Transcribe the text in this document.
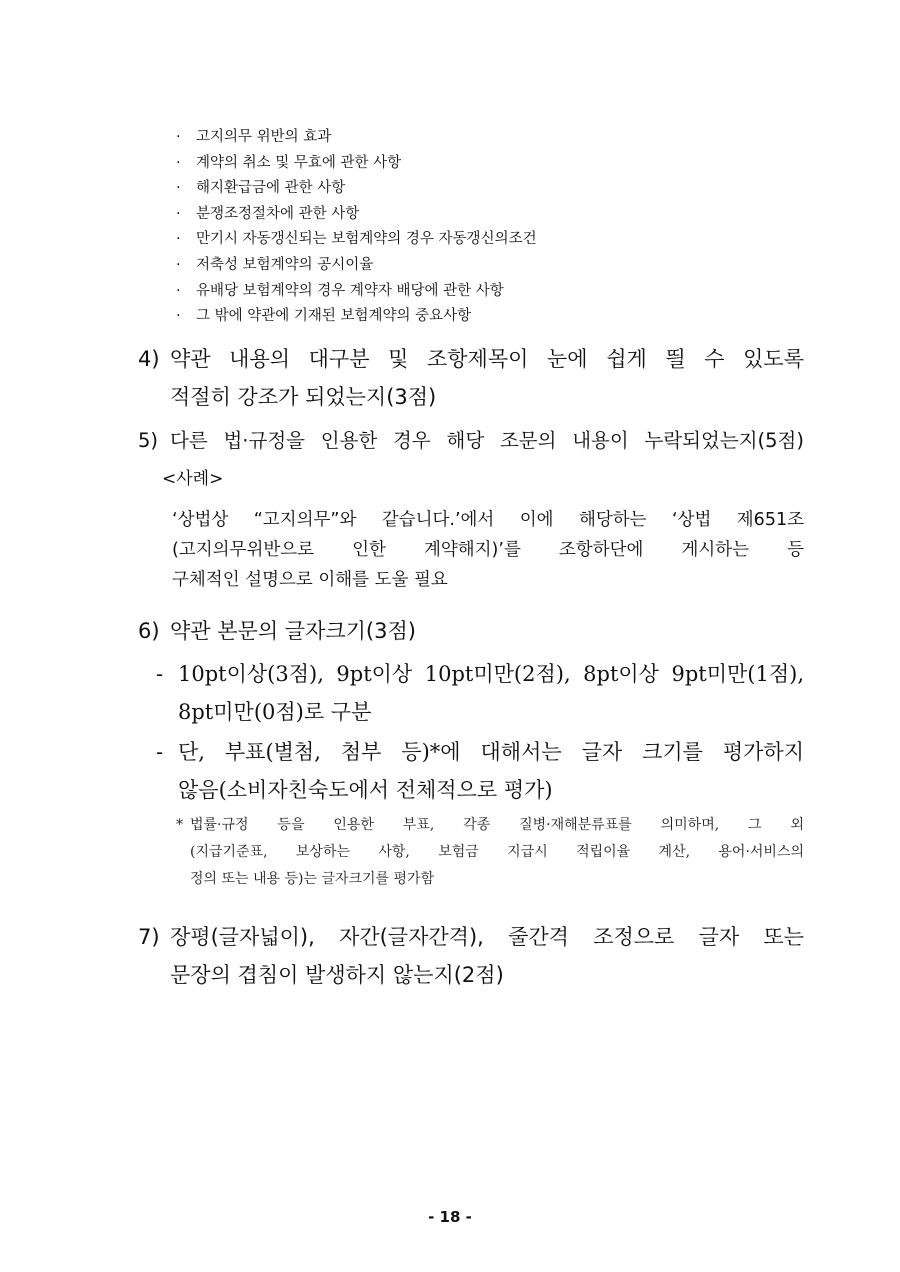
·	고지의무 위반의 효과
·	계약의 취소 및 무효에 관한 사항
·	해지환급금에 관한 사항
·	분쟁조정절차에 관한 사항
·	만기시 자동갱신되는 보험계약의 경우 자동갱신의조건
·	저축성 보험계약의 공시이율
·	유배당 보험계약의 경우 계약자 배당에 관한 사항
·	그 밖에 약관에 기재된 보험계약의 중요사항
4) 약관 내용의 대구분 및 조항제목이 눈에 쉽게 띌 수 있도록
적절히 강조가 되었는지(3점)
5) 다른 법·규정을 인용한 경우 해당 조문의 내용이 누락되었는지(5점)
<사례>
‘상법상 “고지의무”와 같습니다.’에서 이에 해당하는 ‘상법 제651조
(고지의무위반으로 인한 계약해지)’를 조항하단에 게시하는 등
구체적인 설명으로 이해를 도울 필요
6) 약관 본문의 글자크기(3점)
- 10pt이상(3점), 9pt이상 10pt미만(2점), 8pt이상 9pt미만(1점),
8pt미만(0점)로 구분
- 단, 부표(별첨, 첨부 등)*에 대해서는 글자 크기를 평가하지
않음(소비자친숙도에서 전체적으로 평가)
* 법률·규정 등을 인용한 부표, 각종 질병·재해분류표를 의미하며, 그 외
(지급기준표, 보상하는 사항, 보험금 지급시 적립이율 계산, 용어·서비스의
정의 또는 내용 등)는 글자크기를 평가함
7) 장평(글자넓이), 자간(글자간격), 줄간격 조정으로 글자 또는
문장의 겹침이 발생하지 않는지(2점)
- 18 -
